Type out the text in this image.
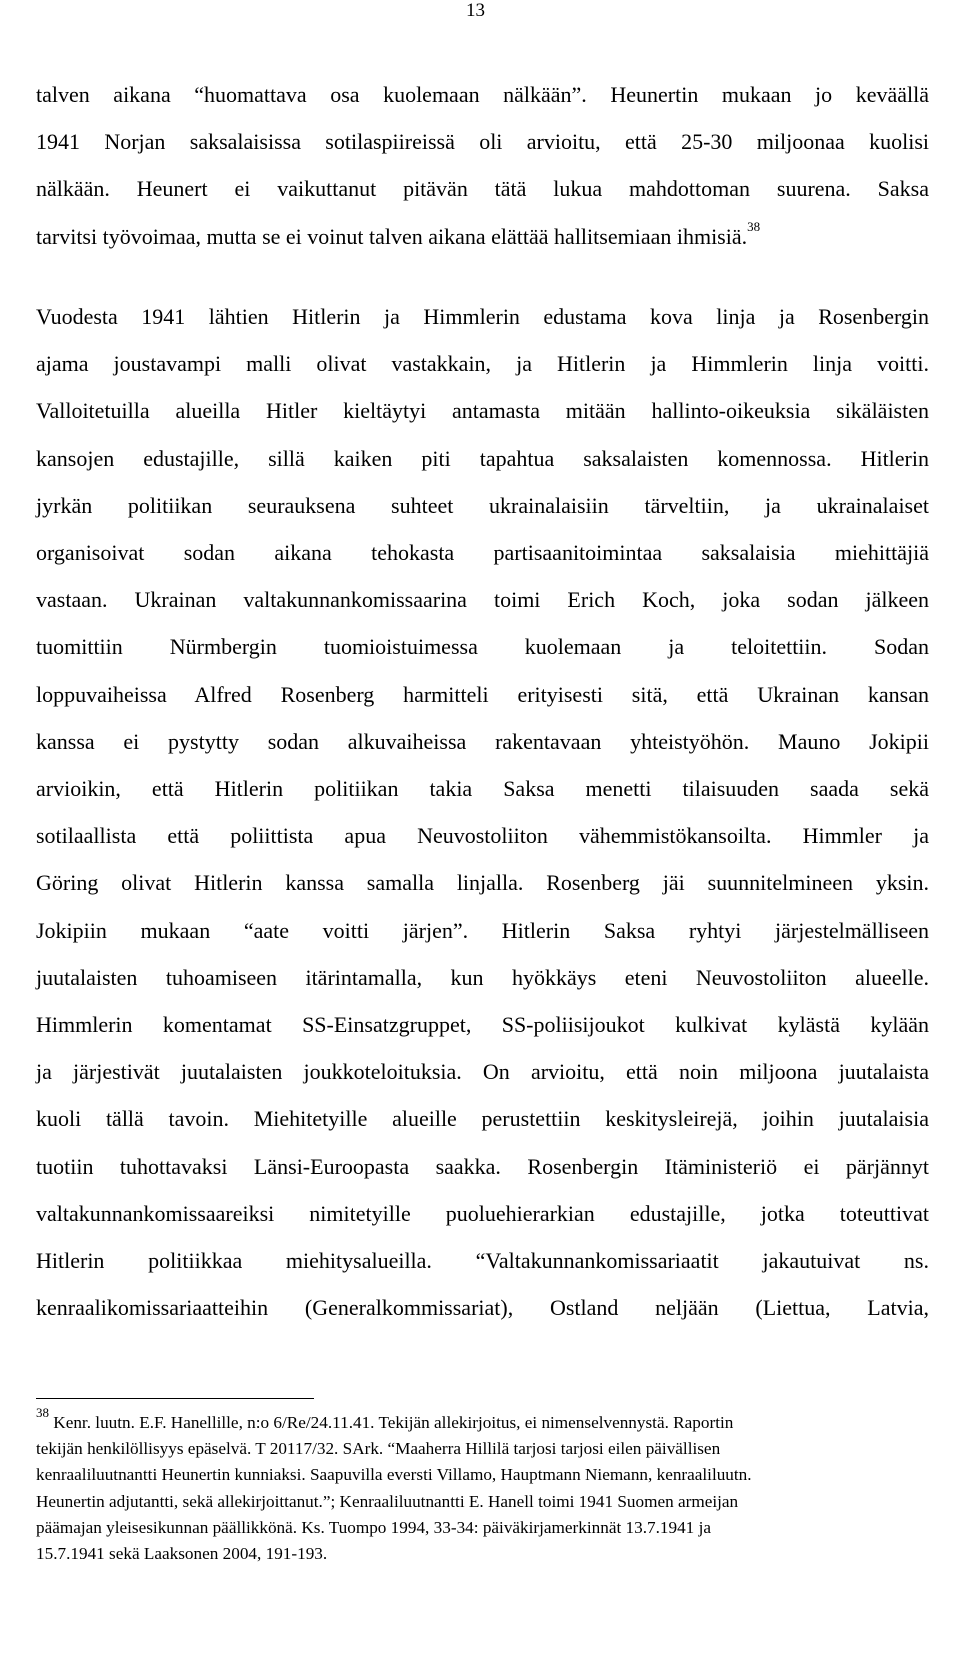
13
talven aikana “huomattava osa kuolemaan nälkään”. Heunertin mukaan jo keväällä
1941 Norjan saksalaisissa sotilaspiireissä oli arvioitu, että 25-30 miljoonaa kuolisi
nälkään. Heunert ei vaikuttanut pitävän tätä lukua mahdottoman suurena. Saksa
tarvitsi työvoimaa, mutta se ei voinut talven aikana elättää hallitsemiaan ihmisiä.$^{38}$
Vuodesta 1941 lähtien Hitlerin ja Himmlerin edustama kova linja ja Rosenbergin
ajama joustavampi malli olivat vastakkain, ja Hitlerin ja Himmlerin linja voitti.
Valloitetuilla alueilla Hitler kieltäytyi antamasta mitään hallinto-oikeuksia sikäläisten
kansojen edustajille, sillä kaiken piti tapahtua saksalaisten komennossa. Hitlerin
jyrkän politiikan seurauksena suhteet ukrainalaisiin tärveltiin, ja ukrainalaiset
organisoivat sodan aikana tehokasta partisaanitoimintaa saksalaisia miehittäjiä
vastaan. Ukrainan valtakunnankomissaarina toimi Erich Koch, joka sodan jälkeen
tuomittiin Nürmbergin tuomioistuimessa kuolemaan ja teloitettiin. Sodan
loppuvaiheissa Alfred Rosenberg harmitteli erityisesti sitä, että Ukrainan kansan
kanssa ei pystytty sodan alkuvaiheissa rakentavaan yhteistyöhön. Mauno Jokipii
arvioikin, että Hitlerin politiikan takia Saksa menetti tilaisuuden saada sekä
sotilaallista että poliittista apua Neuvostoliiton vähemmistökansoilta. Himmler ja
Göring olivat Hitlerin kanssa samalla linjalla. Rosenberg jäi suunnitelmineen yksin.
Jokipiin mukaan “aate voitti järjen”. Hitlerin Saksa ryhtyi järjestelmälliseen
juutalaisten tuhoamiseen itärintamalla, kun hyökkäys eteni Neuvostoliiton alueelle.
Himmlerin komentamat SS-Einsatzgruppet, SS-poliisijoukot kulkivat kylästä kylään
ja järjestivät juutalaisten joukkoteloituksia. On arvioitu, että noin miljoona juutalaista
kuoli tällä tavoin. Miehitetyille alueille perustettiin keskitysleirejä, joihin juutalaisia
tuotiin tuhottavaksi Länsi-Euroopasta saakka. Rosenbergin Itäministeriö ei pärjännyt
valtakunnankomissaareiksi nimitetyille puoluehierarkian edustajille, jotka toteuttivat
Hitlerin politiikkaa miehitysalueilla. “Valtakunnankomissariaatit jakautuivat ns.
kenraalikomissariaatteihin (Generalkommissariat), Ostland neljään (Liettua, Latvia,
$^{38}$ Kenr. luutn. E.F. Hanellille, n:o 6/Re/24.11.41. Tekijän allekirjoitus, ei nimenselvennystä. Raportin
tekijän henkilöllisyys epäselvä. T 20117/32. SArk. “Maaherra Hillilä tarjosi tarjosi eilen päivällisen
kenraaliluutnantti Heunertin kunniaksi. Saapuvilla eversti Villamo, Hauptmann Niemann, kenraaliluutn.
Heunertin adjutantti, sekä allekirjoittanut.”; Kenraaliluutnantti E. Hanell toimi 1941 Suomen armeijan
päämajan yleisesikunnan päällikkönä. Ks. Tuompo 1994, 33-34: päiväkirjamerkinnät 13.7.1941 ja
15.7.1941 sekä Laaksonen 2004, 191-193.
